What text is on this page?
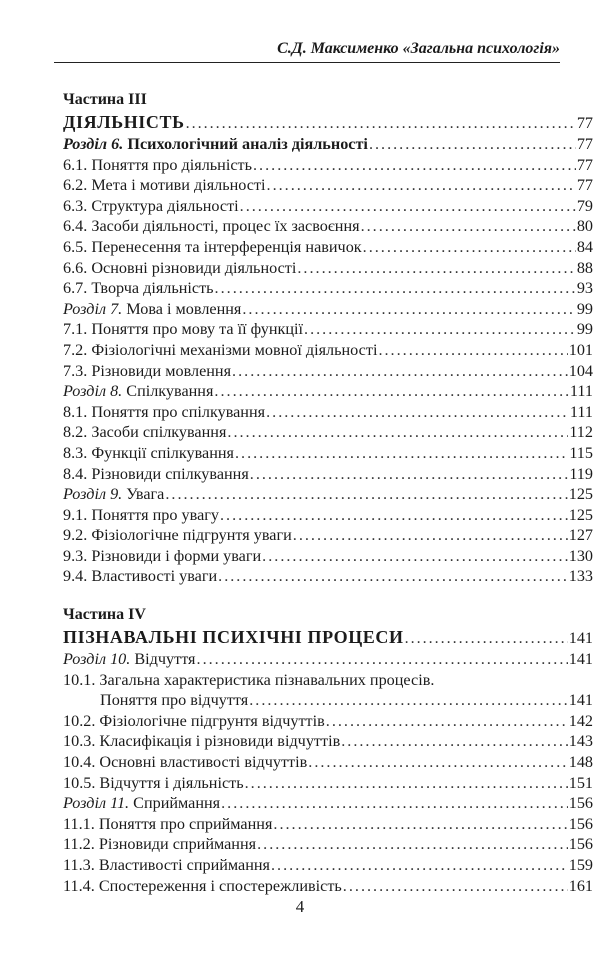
С.Д. Максименко «Загальна психологія»
Частина ІІІ
ДІЯЛЬНІСТЬ .....	77
Розділ 6. Психологічний аналіз діяльності .....	77
6.1. Поняття про діяльність .....	77
6.2. Мета і мотиви діяльності .....	77
6.3. Структура діяльності .....	79
6.4. Засоби діяльності, процес їх засвоєння .....	80
6.5. Перенесення та інтерференція навичок .....	84
6.6. Основні різновиди діяльності .....	88
6.7. Творча діяльність .....	93
Розділ 7. Мова і мовлення .....	99
7.1. Поняття про мову та її функції .....	99
7.2. Фізіологічні механізми мовної діяльності .....	101
7.3. Різновиди мовлення .....	104
Розділ 8. Спілкування .....	111
8.1. Поняття про спілкування .....	111
8.2. Засоби спілкування .....	112
8.3. Функції спілкування .....	115
8.4. Різновиди спілкування .....	119
Розділ 9. Увага .....	125
9.1. Поняття про увагу .....	125
9.2. Фізіологічне підгрунтя уваги .....	127
9.3. Різновиди і форми уваги .....	130
9.4. Властивості уваги .....	133
Частина IV
ПІЗНАВАЛЬНІ ПСИХІЧНІ ПРОЦЕСИ .....	141
Розділ 10. Відчуття .....	141
10.1. Загальна характеристика пізнавальних процесів.
Поняття про відчуття .....	141
10.2. Фізіологічне підгрунтя відчуттів .....	142
10.3. Класифікація і різновиди відчуттів .....	143
10.4. Основні властивості відчуттів .....	148
10.5. Відчуття і діяльність .....	151
Розділ 11. Сприймання .....	156
11.1. Поняття про сприймання .....	156
11.2. Різновиди сприймання .....	156
11.3. Властивості сприймання .....	159
11.4. Спостереження і спостережливість .....	161
4
